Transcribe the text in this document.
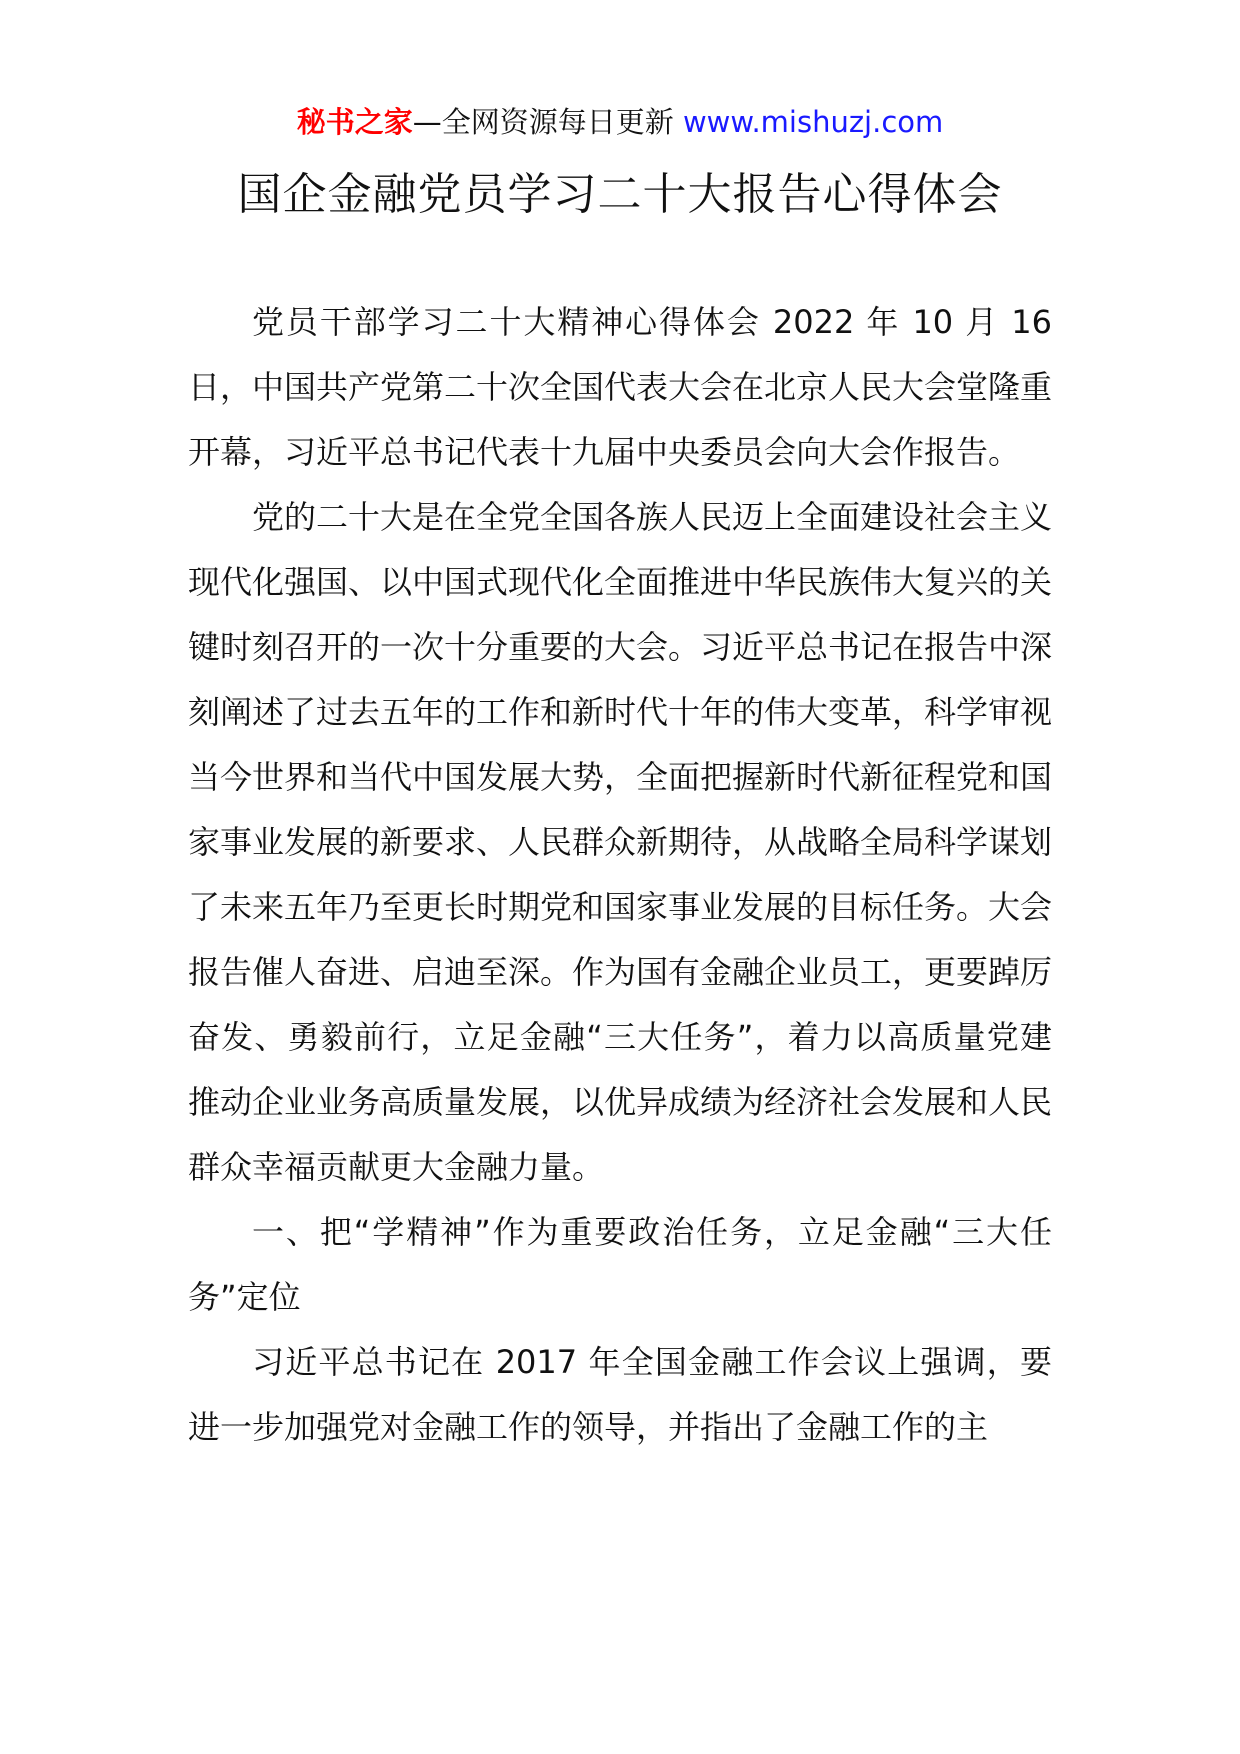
秘书之家—全网资源每日更新 www.mishuzj.com
国企金融党员学习二十大报告心得体会

党员干部学习二十大精神心得体会 2022 年 10 月 16 日，中国共产党第二十次全国代表大会在北京人民大会堂隆重开幕，习近平总书记代表十九届中央委员会向大会作报告。

党的二十大是在全党全国各族人民迈上全面建设社会主义现代化强国、以中国式现代化全面推进中华民族伟大复兴的关键时刻召开的一次十分重要的大会。习近平总书记在报告中深刻阐述了过去五年的工作和新时代十年的伟大变革，科学审视当今世界和当代中国发展大势，全面把握新时代新征程党和国家事业发展的新要求、人民群众新期待，从战略全局科学谋划了未来五年乃至更长时期党和国家事业发展的目标任务。大会报告催人奋进、启迪至深。作为国有金融企业员工，更要踔厉奋发、勇毅前行，立足金融“三大任务”，着力以高质量党建推动企业业务高质量发展，以优异成绩为经济社会发展和人民群众幸福贡献更大金融力量。

一、把“学精神”作为重要政治任务，立足金融“三大任务”定位

习近平总书记在 2017 年全国金融工作会议上强调，要进一步加强党对金融工作的领导，并指出了金融工作的主
